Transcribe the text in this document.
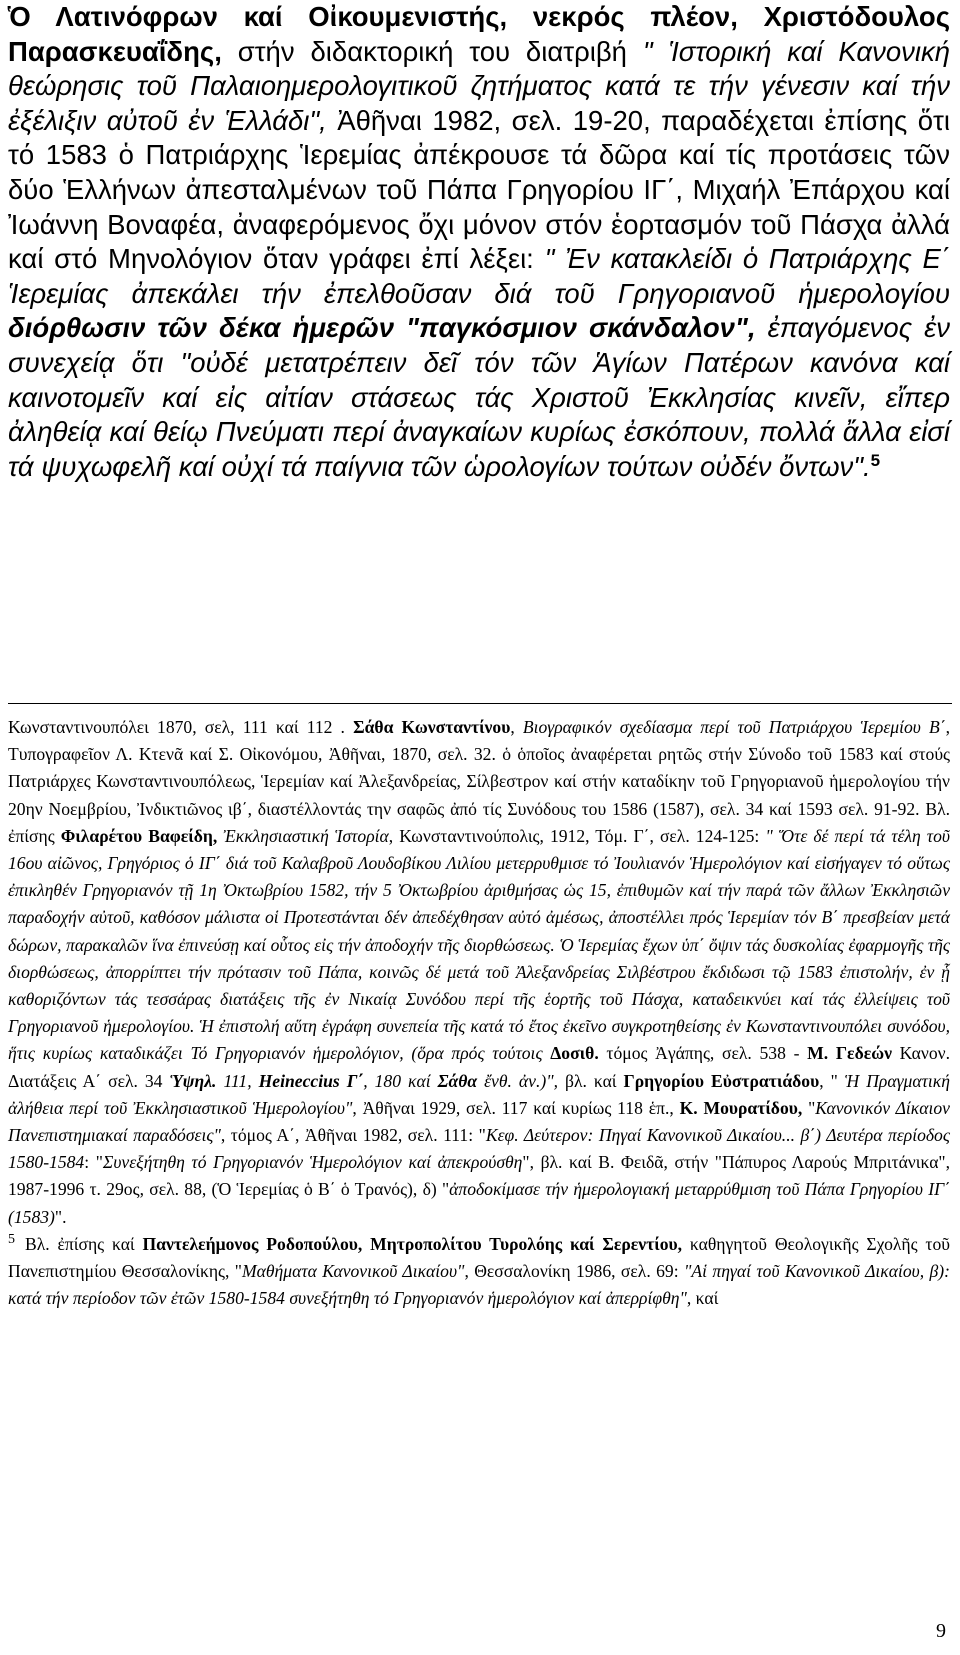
Ὁ Λατινόφρων καί Οἰκουμενιστής, νεκρός πλέον, Χριστόδουλος Παρασκευαΐδης, στήν διδακτορική του διατριβή " Ἱστορική καί Κανονική θεώρησις τοῦ Παλαιοημερολογιτικοῦ ζητήματος κατά τε τήν γένεσιν καί τήν ἐξέλιξιν αὐτοῦ ἐν Ἑλλάδι", Ἀθῆναι 1982, σελ. 19-20, παραδέχεται ἐπίσης ὅτι τό 1583 ὁ Πατριάρχης Ἱερεμίας ἀπέκρουσε τά δῶρα καί τίς προτάσεις τῶν δύο Ἑλλήνων ἀπεσταλμένων τοῦ Πάπα Γρηγορίου ΙΓ΄, Μιχαήλ Ἐπάρχου καί Ἰωάννη Βοναφέα, ἀναφερόμενος ὄχι μόνον στόν ἑορτασμόν τοῦ Πάσχα ἀλλά καί στό Μηνολόγιον ὅταν γράφει ἐπί λέξει: " Ἐν κατακλείδι ὁ Πατριάρχης Ε΄ Ἱερεμίας ἀπεκάλει τήν ἐπελθοῦσαν διά τοῦ Γρηγοριανοῦ ἡμερολογίου διόρθωσιν τῶν δέκα ἡμερῶν "παγκόσμιον σκάνδαλον", ἐπαγόμενος ἐν συνεχείᾳ ὅτι "οὐδέ μετατρέπειν δεῖ τόν τῶν Ἁγίων Πατέρων κανόνα καί καινοτομεῖν καί εἰς αἰτίαν στάσεως τάς Χριστοῦ Ἐκκλησίας κινεῖν, εἴπερ ἀληθείᾳ καί θείῳ Πνεύματι περί ἀναγκαίων κυρίως ἐσκόπουν, πολλά ἄλλα εἰσί τά ψυχωφελῆ καί οὐχί τά παίγνια τῶν ὡρολογίων τούτων οὐδέν ὄντων".$^5$

Κωνσταντινουπόλει 1870, σελ, 111 καί 112 . Σάθα Κωνσταντίνου, Βιογραφικόν σχεδίασμα περί τοῦ Πατριάρχου Ἱερεμίου Β΄, Τυπογραφεῖον Λ. Κτενᾶ καί Σ. Οἰκονόμου, Ἀθῆναι, 1870, σελ. 32. ὁ ὁποῖος ἀναφέρεται ρητῶς στήν Σύνοδο τοῦ 1583 καί στούς Πατριάρχες Κωνσταντινουπόλεως, Ἱερεμίαν καί Ἀλεξανδρείας, Σίλβεστρον καί στήν καταδίκην τοῦ Γρηγοριανοῦ ἡμερολογίου τήν 20ην Νοεμβρίου, Ἰνδικτιῶνος ιβ΄, διαστέλλοντάς την σαφῶς ἀπό τίς Συνόδους του 1586 (1587), σελ. 34 καί 1593 σελ. 91-92. Βλ. ἐπίσης Φιλαρέτου Βαφείδη, Ἐκκλησιαστική Ἱστορία, Κωνσταντινούπολις, 1912, Τόμ. Γ΄, σελ. 124-125: " Ὅτε δέ περί τά τέλη τοῦ 16ου αἰῶνος, Γρηγόριος ὁ ΙΓ΄ διά τοῦ Καλαβροῦ Λουδοβίκου Λιλίου μετερρυθμισε τό Ἰουλιανόν Ἡμερολόγιον καί εἰσήγαγεν τό οὕτως ἐπικληθέν Γρηγοριανόν τῇ 1η Ὀκτωβρίου 1582, τήν 5 Ὀκτωβρίου ἀριθμήσας ὡς 15, ἐπιθυμῶν καί τήν παρά τῶν ἄλλων Ἐκκλησιῶν παραδοχήν αὐτοῦ, καθόσον μάλιστα οἱ Προτεστάνται δέν ἀπεδέχθησαν αὐτό ἀμέσως, ἀποστέλλει πρός Ἱερεμίαν τόν Β΄ πρεσβείαν μετά δώρων, παρακαλῶν ἵνα ἐπινεύσῃ καί οὗτος εἰς τήν ἀποδοχήν τῆς διορθώσεως. Ὁ Ἱερεμίας ἔχων ὑπ΄ ὄψιν τάς δυσκολίας ἐφαρμογῆς τῆς διορθώσεως, ἀπορρίπτει τήν πρότασιν τοῦ Πάπα, κοινῶς δέ μετά τοῦ Ἀλεξανδρείας Σιλβέστρου ἔκδιδωσι τῷ 1583 ἐπιστολήν, ἐν ᾗ καθοριζόντων τάς τεσσάρας διατάξεις τῆς ἐν Νικαίᾳ Συνόδου περί τῆς ἑορτῆς τοῦ Πάσχα, καταδεικνύει καί τάς ἐλλείψεις τοῦ Γρηγοριανοῦ ἡμερολογίου. Ἡ ἐπιστολή αὕτη ἐγράφη συνεπεία τῆς κατά τό ἔτος ἐκεῖνο συγκροτηθείσης ἐν Κωνσταντινουπόλει συνόδου, ἥτις κυρίως καταδικάζει Τό Γρηγοριανόν ἡμερολόγιον, (ὅρα πρός τούτοις Δοσιθ. τόμος Ἀγάπης, σελ. 538 - Μ. Γεδεών Κανον. Διατάξεις Α΄ σελ. 34 Ὑψηλ. 111, Heineccius Γ΄, 180 καί Σάθα ἔνθ. ἀν.)", βλ. καί Γρηγορίου Εὐστρατιάδου, " Ἡ Πραγματική ἀλήθεια περί τοῦ Ἐκκλησιαστικοῦ Ἡμερολογίου", Ἀθῆναι 1929, σελ. 117 καί κυρίως 118 ἑπ., Κ. Μουρατίδου, "Κανονικόν Δίκαιον Πανεπιστημιακαί παραδόσεις", τόμος Α΄, Ἀθῆναι 1982, σελ. 111: "Κεφ. Δεύτερον: Πηγαί Κανονικοῦ Δικαίου... β΄) Δευτέρα περίοδος 1580-1584: "Συνεξήτηθη τό Γρηγοριανόν Ἡμερολόγιον καί ἀπεκρούσθη", βλ. καί Β. Φειδᾶ, στήν "Πάπυρος Λαρούς Μπριτάνικα", 1987-1996 τ. 29ος, σελ. 88, (Ὁ Ἱερεμίας ὁ Β΄ ὁ Τρανός), δ) "ἀποδοκίμασε τήν ἡμερολογιακή μεταρρύθμιση τοῦ Πάπα Γρηγορίου ΙΓ΄ (1583)".

$^5$ Βλ. ἐπίσης καί Παντελεήμονος Ροδοπούλου, Μητροπολίτου Τυρολόης καί Σερεντίου, καθηγητοῦ Θεολογικῆς Σχολῆς τοῦ Πανεπιστημίου Θεσσαλονίκης, "Μαθήματα Κανονικοῦ Δικαίου", Θεσσαλονίκη 1986, σελ. 69: "Αἱ πηγαί τοῦ Κανονικοῦ Δικαίου, β): κατά τήν περίοδον τῶν ἐτῶν 1580-1584 συνεξήτηθη τό Γρηγοριανόν ἡμερολόγιον καί ἀπερρίφθη", καί

9
